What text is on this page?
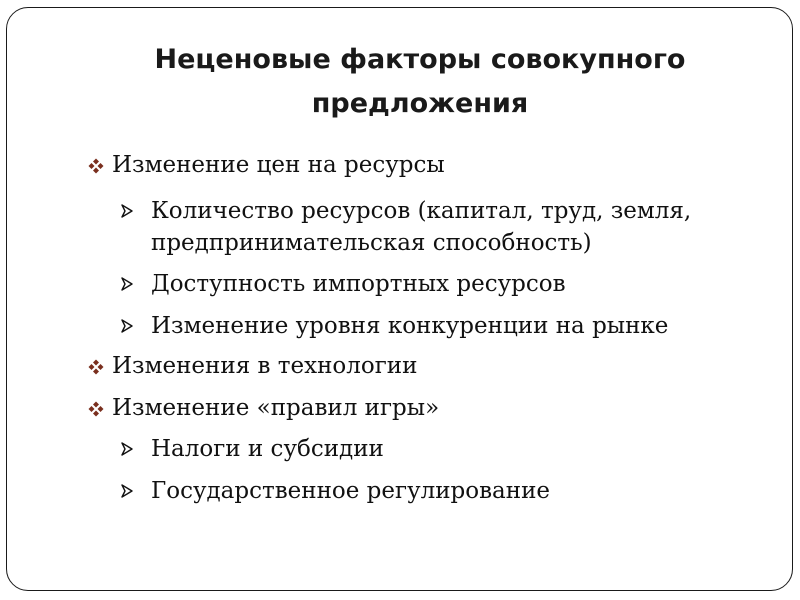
Неценовые факторы совокупного предложения
Изменение цен на ресурсы
Количество ресурсов (капитал, труд, земля, предпринимательская способность)
Доступность импортных ресурсов
Изменение уровня конкуренции на рынке
Изменения в технологии
Изменение «правил игры»
Налоги и субсидии
Государственное регулирование
